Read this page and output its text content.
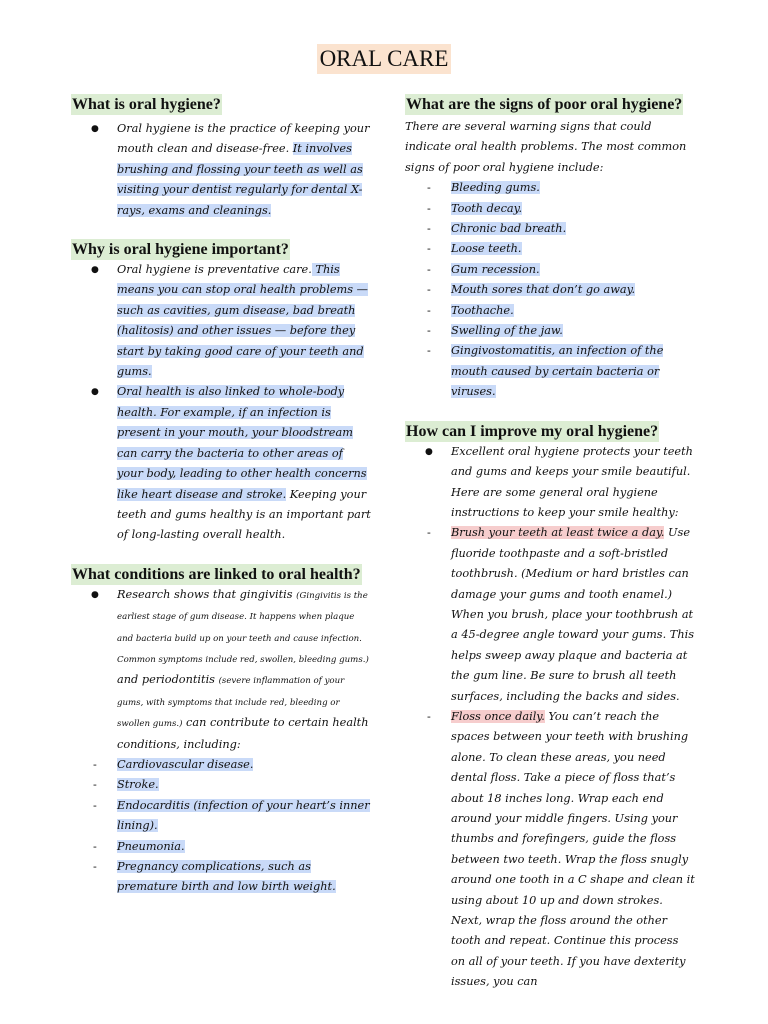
ORAL CARE
What is oral hygiene?
● Oral hygiene is the practice of keeping your mouth clean and disease-free. It involves brushing and flossing your teeth as well as visiting your dentist regularly for dental X-rays, exams and cleanings.
Why is oral hygiene important?
● Oral hygiene is preventative care. This means you can stop oral health problems — such as cavities, gum disease, bad breath (halitosis) and other issues — before they start by taking good care of your teeth and gums.
● Oral health is also linked to whole-body health. For example, if an infection is present in your mouth, your bloodstream can carry the bacteria to other areas of your body, leading to other health concerns like heart disease and stroke. Keeping your teeth and gums healthy is an important part of long-lasting overall health.
What conditions are linked to oral health?
● Research shows that gingivitis (Gingivitis is the earliest stage of gum disease. It happens when plaque and bacteria build up on your teeth and cause infection. Common symptoms include red, swollen, bleeding gums.) and periodontitis (severe inflammation of your gums, with symptoms that include red, bleeding or swollen gums.) can contribute to certain health conditions, including:
- Cardiovascular disease.
- Stroke.
- Endocarditis (infection of your heart’s inner lining).
- Pneumonia.
- Pregnancy complications, such as premature birth and low birth weight.
What are the signs of poor oral hygiene?

There are several warning signs that could indicate oral health problems. The most common signs of poor oral hygiene include:

- Bleeding gums.
- Tooth decay.
- Chronic bad breath.
- Loose teeth.
- Gum recession.
- Mouth sores that don’t go away.
- Toothache.
- Swelling of the jaw.
- Gingivostomatitis, an infection of the mouth caused by certain bacteria or viruses.
How can I improve my oral hygiene?
● Excellent oral hygiene protects your teeth and gums and keeps your smile beautiful. Here are some general oral hygiene instructions to keep your smile healthy:
- Brush your teeth at least twice a day. Use fluoride toothpaste and a soft-bristled toothbrush. (Medium or hard bristles can damage your gums and tooth enamel.) When you brush, place your toothbrush at a 45-degree angle toward your gums. This helps sweep away plaque and bacteria at the gum line. Be sure to brush all teeth surfaces, including the backs and sides.
- Floss once daily. You can’t reach the spaces between your teeth with brushing alone. To clean these areas, you need dental floss. Take a piece of floss that’s about 18 inches long. Wrap each end around your middle fingers. Using your thumbs and forefingers, guide the floss between two teeth. Wrap the floss snugly around one tooth in a C shape and clean it using about 10 up and down strokes. Next, wrap the floss around the other tooth and repeat. Continue this process on all of your teeth. If you have dexterity issues, you can
